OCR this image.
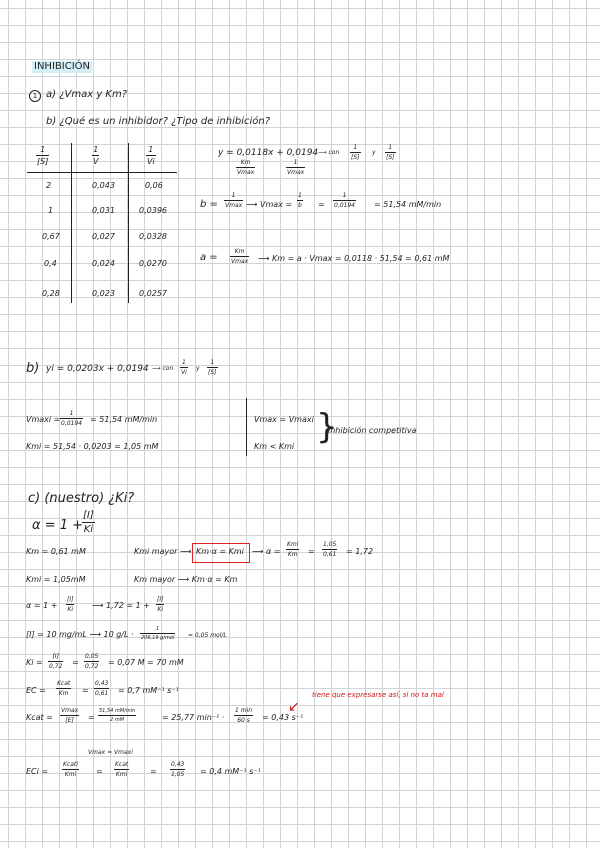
INHIBICIÓN
1 a) ¿Vmax y Km?
b) ¿Qué es un inhibidor? ¿Tipo de inhibición?
$\frac{1}{[S]}$	$\frac{1}{V}$	$\frac{1}{Vi}$
2	0,043	0,06
1	0,031	0,0396
0,67	0,027	0,0328
0,4	0,024	0,0270
0,28	0,023	0,0257
y = 0,0118x + 0,0194
Km
Vmax
1
Vmax
⟶ con $\frac{1}{[S]}$ y $\frac{1}{[S]}$
b =
1
Vmax ⟶ $Vmax = \frac{1}{b} = \frac{1}{0,0194} = 51,54$ mM/min
a =
Km
Vmax ⟶ Km = a · Vmax = 0,0118 · 51,54 = 0,61 mM
b) yi = 0,0203x + 0,0194 ⟶ con $\frac{1}{Vi}$ y $\frac{1}{[S]}$
$Vmaxi = \frac{1}{0,0194} = 51,54$ mM/min
Kmi = 51,54 · 0,0203 = 1,05 mM
Vmax = Vmaxi
Km < Kmi }
inhibición competitiva
c) (nuestro) ¿Ki?
α = 1 +
$\frac{[I]}{Ki}$
Km = 0,61 mM	Kmi mayor ⟶ Km·α = Kmi ⟶ α =
Kmi
$Km = \frac{1,05}{0,61} = 1,72$
Kmi = 1,05mM	Km mayor ⟶ Km·α = Km
$\alpha = 1 + \frac{[I]}{Ki}$ ⟶ $1,72 = 1 + \frac{[I]}{Ki}$
[I] = 10 mg/mL ⟶ 10 g/L ·
1
206,19 g/mol = 0,05 mol/L
$Ki = \frac{[I]}{0,72} = \frac{0,05}{0,72} = 0,07$ M = 70 mM
EC =
Kcat
Km	= $\frac{0,43}{0,61} = 0,7$ mM⁻¹ s⁻¹	tiene que expresarse así, si no ta mal
↙
Kcat =
Vmax
[E]	=
51,54 mM/min
2 mM	= 25,77 min⁻¹ ·
1 min
60 s	= 0,43 s⁻¹
Vmax = Vmaxi
ECi =
Kcati
Kmi	=
Kcat
Kmi	= $\frac{0,43}{1,05} = 0,4$ mM⁻¹ s⁻¹
